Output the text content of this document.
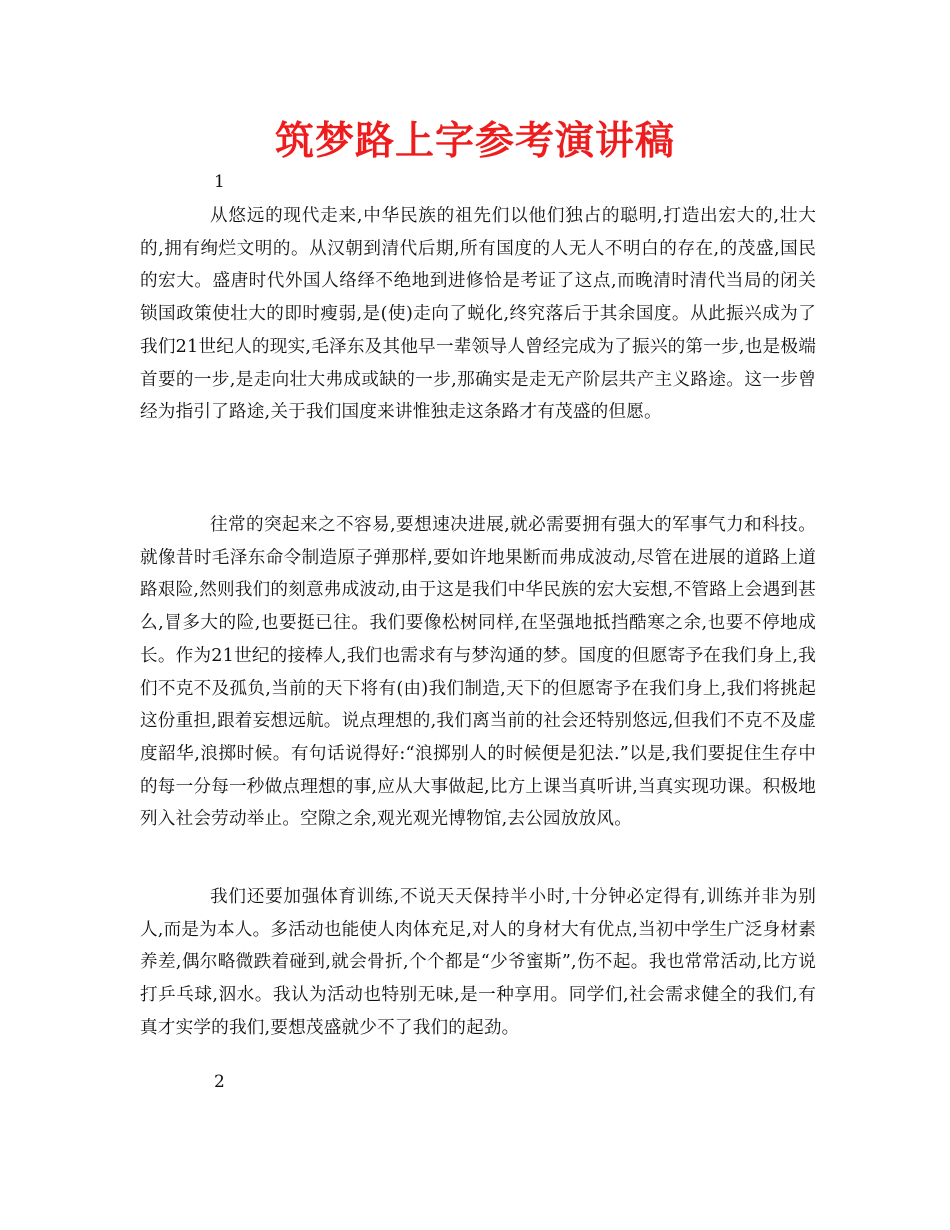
筑梦路上字参考演讲稿

1

从悠远的现代走来,中华民族的祖先们以他们独占的聪明,打造出宏大的,壮大的,拥有绚烂文明的。从汉朝到清代后期,所有国度的人无人不明白的存在,的茂盛,国民的宏大。盛唐时代外国人络绎不绝地到进修恰是考证了这点,而晚清时清代当局的闭关锁国政策使壮大的即时瘦弱,是(使)走向了蜕化,终究落后于其余国度。从此振兴成为了我们21世纪人的现实,毛泽东及其他早一辈领导人曾经完成为了振兴的第一步,也是极端首要的一步,是走向壮大弗成或缺的一步,那确实是走无产阶层共产主义路途。这一步曾经为指引了路途,关于我们国度来讲惟独走这条路才有茂盛的但愿。

往常的突起来之不容易,要想速决进展,就必需要拥有强大的军事气力和科技。就像昔时毛泽东命令制造原子弹那样,要如许地果断而弗成波动,尽管在进展的道路上道路艰险,然则我们的刻意弗成波动,由于这是我们中华民族的宏大妄想,不管路上会遇到甚么,冒多大的险,也要挺已往。我们要像松树同样,在坚强地抵挡酷寒之余,也要不停地成长。作为21世纪的接棒人,我们也需求有与梦沟通的梦。国度的但愿寄予在我们身上,我们不克不及孤负,当前的天下将有(由)我们制造,天下的但愿寄予在我们身上,我们将挑起这份重担,跟着妄想远航。说点理想的,我们离当前的社会还特别悠远,但我们不克不及虚度韶华,浪掷时候。有句话说得好:“浪掷别人的时候便是犯法.”以是,我们要捉住生存中的每一分每一秒做点理想的事,应从大事做起,比方上课当真听讲,当真实现功课。积极地列入社会劳动举止。空隙之余,观光观光博物馆,去公园放放风。

我们还要加强体育训练,不说天天保持半小时,十分钟必定得有,训练并非为别人,而是为本人。多活动也能使人肉体充足,对人的身材大有优点,当初中学生广泛身材素养差,偶尔略微跌着碰到,就会骨折,个个都是“少爷蜜斯”,伤不起。我也常常活动,比方说打乒乓球,泅水。我认为活动也特别无味,是一种享用。同学们,社会需求健全的我们,有真才实学的我们,要想茂盛就少不了我们的起劲。

2
